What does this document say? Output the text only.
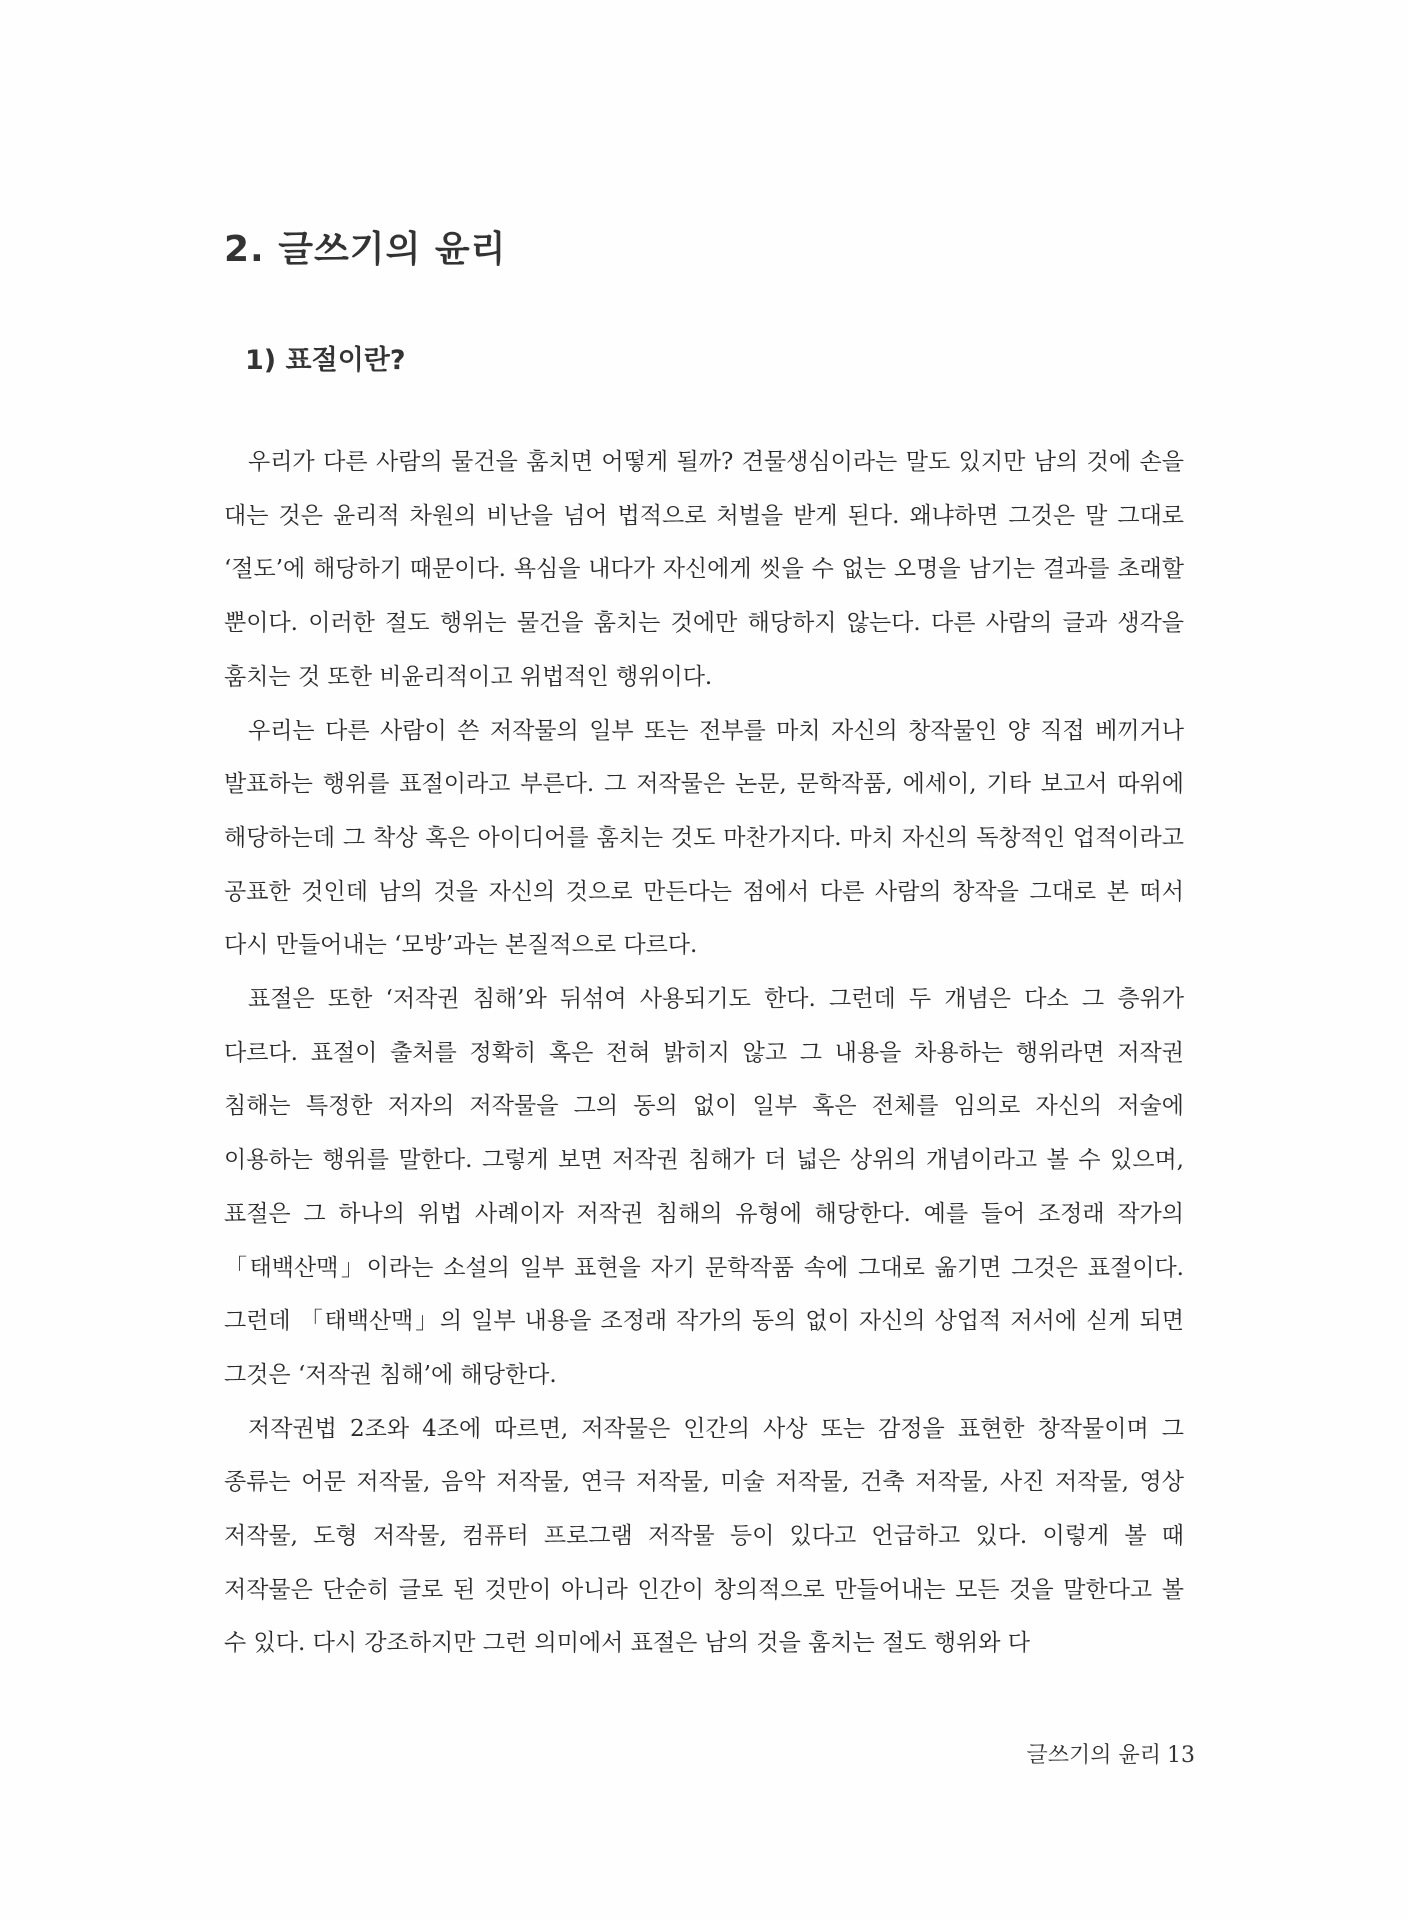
2. 글쓰기의 윤리
1) 표절이란?

우리가 다른 사람의 물건을 훔치면 어떻게 될까? 견물생심이라는 말도 있지만 남의 것에 손을 대는 것은 윤리적 차원의 비난을 넘어 법적으로 처벌을 받게 된다. 왜냐하면 그것은 말 그대로 ‘절도’에 해당하기 때문이다. 욕심을 내다가 자신에게 씻을 수 없는 오명을 남기는 결과를 초래할 뿐이다. 이러한 절도 행위는 물건을 훔치는 것에만 해당하지 않는다. 다른 사람의 글과 생각을 훔치는 것 또한 비윤리적이고 위법적인 행위이다.

우리는 다른 사람이 쓴 저작물의 일부 또는 전부를 마치 자신의 창작물인 양 직접 베끼거나 발표하는 행위를 표절이라고 부른다. 그 저작물은 논문, 문학작품, 에세이, 기타 보고서 따위에 해당하는데 그 착상 혹은 아이디어를 훔치는 것도 마찬가지다. 마치 자신의 독창적인 업적이라고 공표한 것인데 남의 것을 자신의 것으로 만든다는 점에서 다른 사람의 창작을 그대로 본 떠서 다시 만들어내는 ‘모방’과는 본질적으로 다르다.

표절은 또한 ‘저작권 침해’와 뒤섞여 사용되기도 한다. 그런데 두 개념은 다소 그 층위가 다르다. 표절이 출처를 정확히 혹은 전혀 밝히지 않고 그 내용을 차용하는 행위라면 저작권 침해는 특정한 저자의 저작물을 그의 동의 없이 일부 혹은 전체를 임의로 자신의 저술에 이용하는 행위를 말한다. 그렇게 보면 저작권 침해가 더 넓은 상위의 개념이라고 볼 수 있으며, 표절은 그 하나의 위법 사례이자 저작권 침해의 유형에 해당한다. 예를 들어 조정래 작가의 「태백산맥」이라는 소설의 일부 표현을 자기 문학작품 속에 그대로 옮기면 그것은 표절이다. 그런데 「태백산맥」의 일부 내용을 조정래 작가의 동의 없이 자신의 상업적 저서에 싣게 되면 그것은 ‘저작권 침해’에 해당한다.

저작권법 2조와 4조에 따르면, 저작물은 인간의 사상 또는 감정을 표현한 창작물이며 그 종류는 어문 저작물, 음악 저작물, 연극 저작물, 미술 저작물, 건축 저작물, 사진 저작물, 영상 저작물, 도형 저작물, 컴퓨터 프로그램 저작물 등이 있다고 언급하고 있다. 이렇게 볼 때 저작물은 단순히 글로 된 것만이 아니라 인간이 창의적으로 만들어내는 모든 것을 말한다고 볼 수 있다. 다시 강조하지만 그런 의미에서 표절은 남의 것을 훔치는 절도 행위와 다

글쓰기의 윤리 13
